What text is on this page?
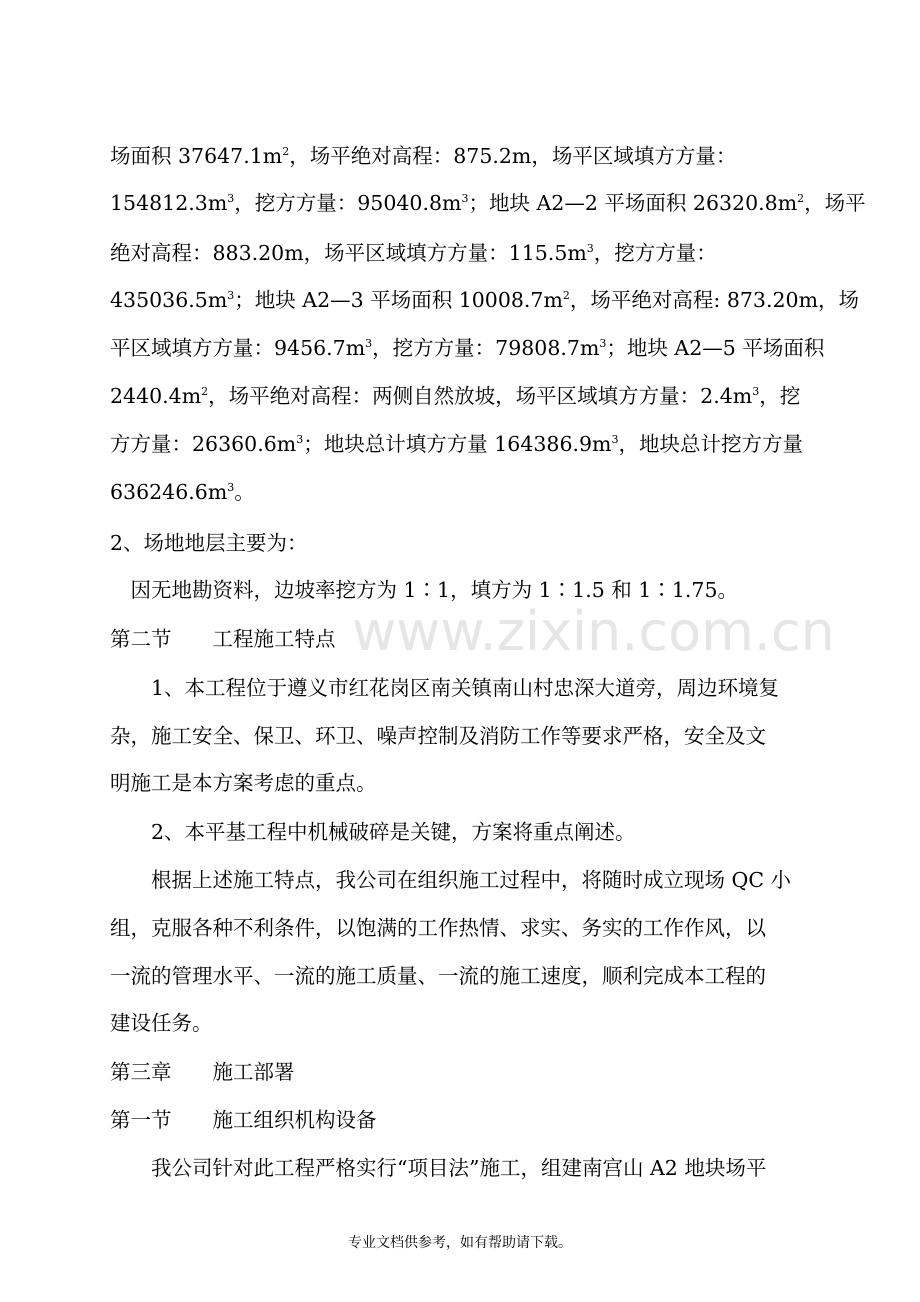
www.zixin.com.cn
场面积 $37647.1m^2$，场平绝对高程：875.2m，场平区域填方方量：
$154812.3m^3$，挖方方量：$95040.8m^3$；地块 A2—2 平场面积 $26320.8m^2$，场平
绝对高程：883.20m，场平区域填方方量：$115.5m^3$，挖方方量：
$435036.5m^3$；地块 A2—3 平场面积 $10008.7m^2$，场平绝对高程: 873.20m，场
平区域填方方量：$9456.7m^3$，挖方方量：$79808.7m^3$；地块 A2—5 平场面积
$2440.4m^2$，场平绝对高程：两侧自然放坡，场平区域填方方量：$2.4m^3$，挖
方方量：$26360.6m^3$；地块总计填方方量 $164386.9m^3$，地块总计挖方方量
$636246.6m^3$。
2、场地地层主要为：
　因无地勘资料，边坡率挖方为 1∶1，填方为 1∶1.5 和 1∶1.75。
第二节　　工程施工特点
　　1、本工程位于遵义市红花岗区南关镇南山村忠深大道旁，周边环境复
杂，施工安全、保卫、环卫、噪声控制及消防工作等要求严格，安全及文
明施工是本方案考虑的重点。
　　2、本平基工程中机械破碎是关键，方案将重点阐述。
　　根据上述施工特点，我公司在组织施工过程中，将随时成立现场 QC 小
组，克服各种不利条件，以饱满的工作热情、求实、务实的工作作风，以
一流的管理水平、一流的施工质量、一流的施工速度，顺利完成本工程的
建设任务。
第三章　　施工部署
第一节　　施工组织机构设备
　　我公司针对此工程严格实行“项目法”施工，组建南宫山 A2 地块场平
专业文档供参考，如有帮助请下载。
